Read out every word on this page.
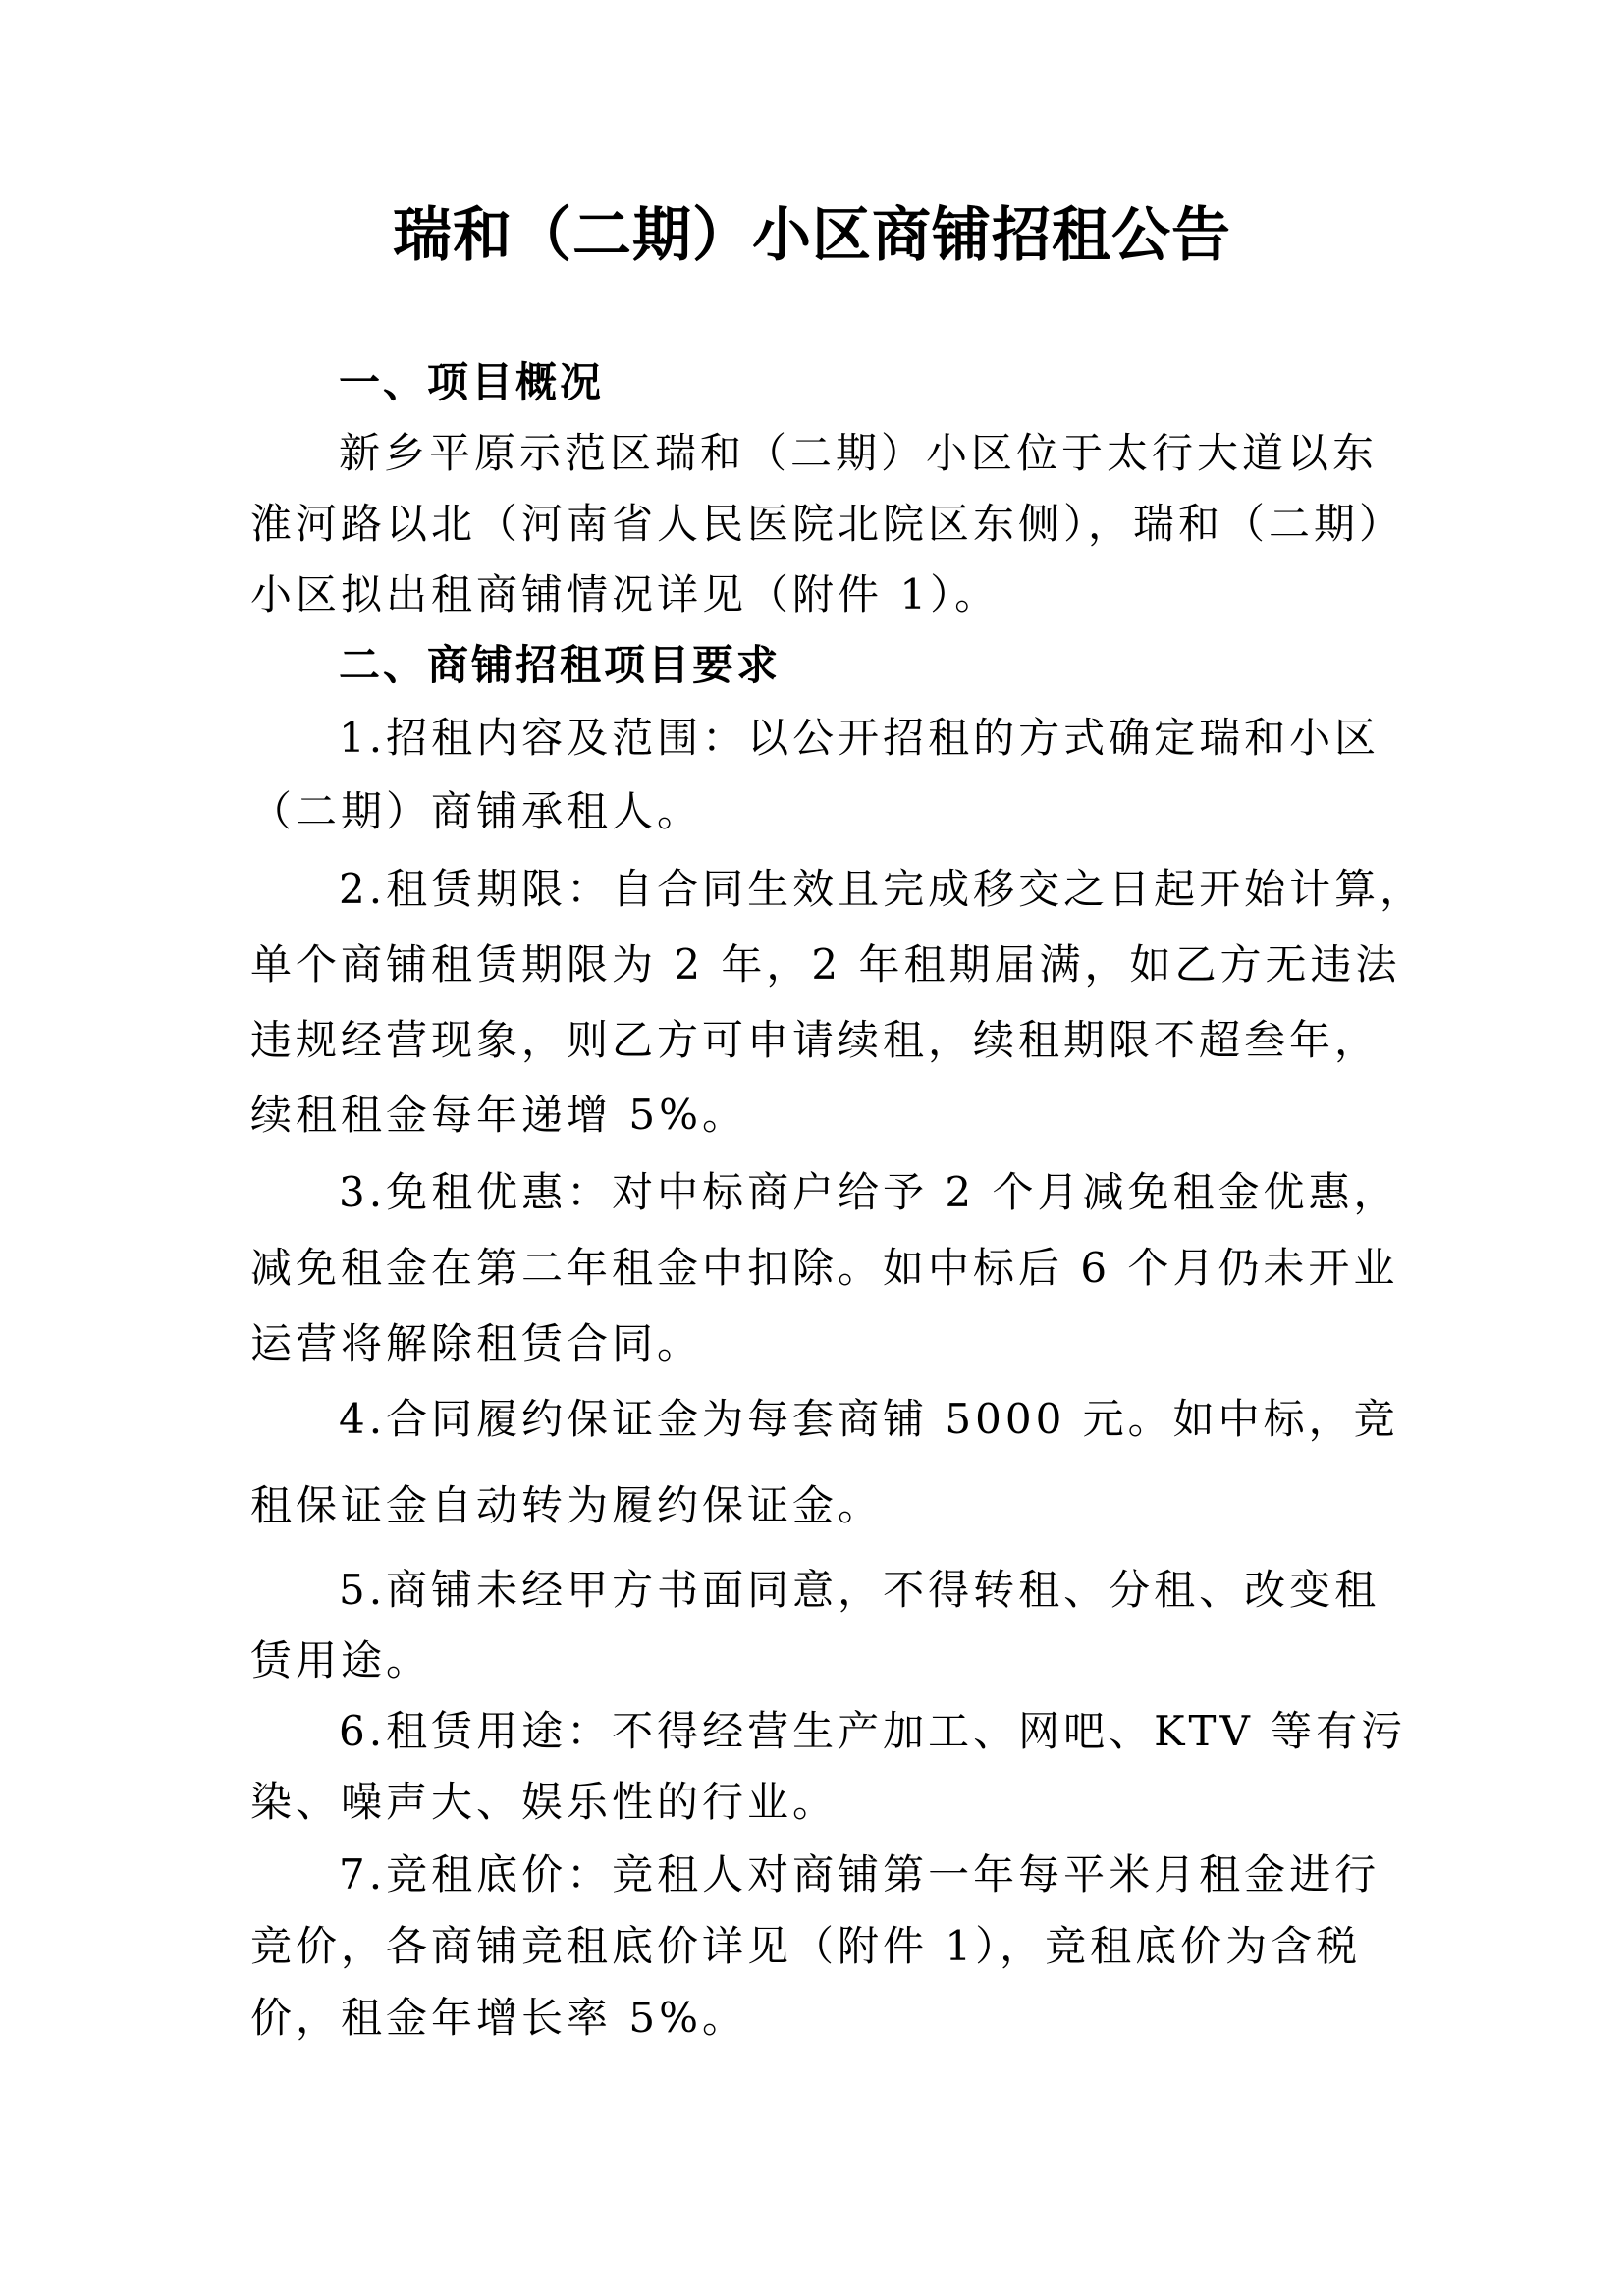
瑞和（二期）小区商铺招租公告
一、项目概况
新乡平原示范区瑞和（二期）小区位于太行大道以东
淮河路以北（河南省人民医院北院区东侧），瑞和（二期）
小区拟出租商铺情况详见（附件 1）。
二、商铺招租项目要求
1.招租内容及范围：以公开招租的方式确定瑞和小区
（二期）商铺承租人。
2.租赁期限：自合同生效且完成移交之日起开始计算，
单个商铺租赁期限为 2 年，2 年租期届满，如乙方无违法
违规经营现象，则乙方可申请续租，续租期限不超叁年，
续租租金每年递增 5%。
3.免租优惠：对中标商户给予 2 个月减免租金优惠，
减免租金在第二年租金中扣除。如中标后 6 个月仍未开业
运营将解除租赁合同。
4.合同履约保证金为每套商铺 5000 元。如中标，竞
租保证金自动转为履约保证金。
5.商铺未经甲方书面同意，不得转租、分租、改变租
赁用途。
6.租赁用途：不得经营生产加工、网吧、KTV 等有污
染、噪声大、娱乐性的行业。
7.竞租底价：竞租人对商铺第一年每平米月租金进行
竞价，各商铺竞租底价详见（附件 1），竞租底价为含税
价，租金年增长率 5%。
